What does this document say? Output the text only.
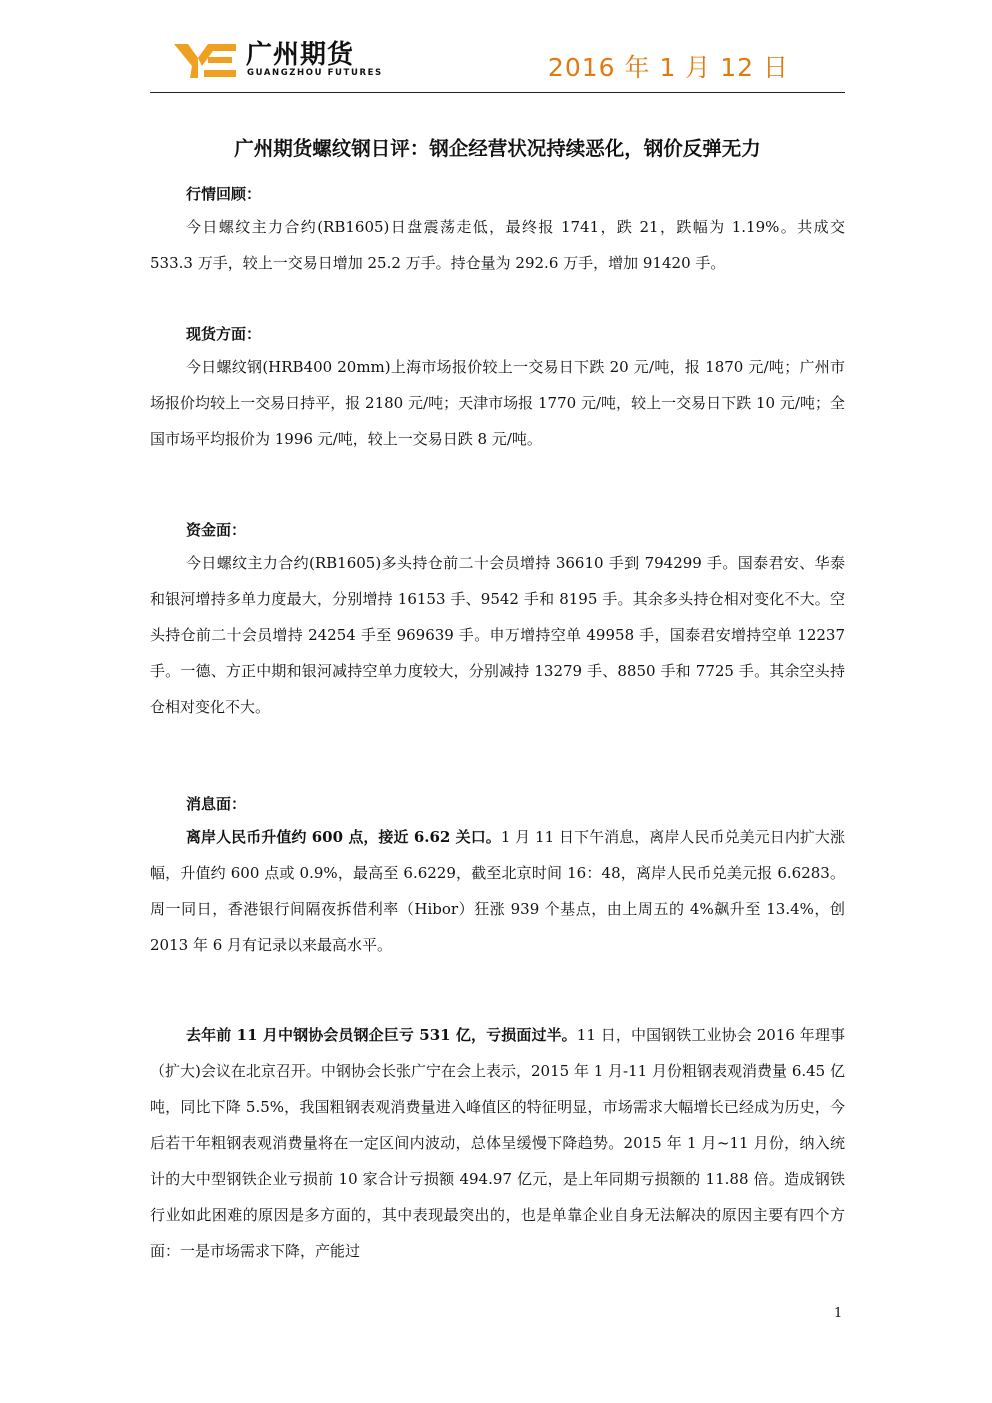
广州期货
GUANGZHOU FUTURES	2016 年 1 月 12 日
广州期货螺纹钢日评：钢企经营状况持续恶化，钢价反弹无力
行情回顾：

今日螺纹主力合约(RB1605)日盘震荡走低，最终报 1741，跌 21，跌幅为 1.19%。共成交 533.3 万手，较上一交易日增加 25.2 万手。持仓量为 292.6 万手，增加 91420 手。

现货方面：

今日螺纹钢(HRB400 20mm)上海市场报价较上一交易日下跌 20 元/吨，报 1870 元/吨；广州市场报价均较上一交易日持平，报 2180 元/吨；天津市场报 1770 元/吨，较上一交易日下跌 10 元/吨；全国市场平均报价为 1996 元/吨，较上一交易日跌 8 元/吨。

资金面：

今日螺纹主力合约(RB1605)多头持仓前二十会员增持 36610 手到 794299 手。国泰君安、华泰和银河增持多单力度最大，分别增持 16153 手、9542 手和 8195 手。其余多头持仓相对变化不大。空头持仓前二十会员增持 24254 手至 969639 手。申万增持空单 49958 手，国泰君安增持空单 12237 手。一德、方正中期和银河减持空单力度较大，分别减持 13279 手、8850 手和 7725 手。其余空头持仓相对变化不大。

消息面：

离岸人民币升值约 600 点，接近 6.62 关口。1 月 11 日下午消息，离岸人民币兑美元日内扩大涨幅，升值约 600 点或 0.9%，最高至 6.6229，截至北京时间 16：48，离岸人民币兑美元报 6.6283。周一同日，香港银行间隔夜拆借利率（Hibor）狂涨 939 个基点，由上周五的 4%飙升至 13.4%，创 2013 年 6 月有记录以来最高水平。

去年前 11 月中钢协会员钢企巨亏 531 亿，亏损面过半。11 日，中国钢铁工业协会 2016 年理事（扩大)会议在北京召开。中钢协会长张广宁在会上表示，2015 年 1 月-11 月份粗钢表观消费量 6.45 亿吨，同比下降 5.5%，我国粗钢表观消费量进入峰值区的特征明显，市场需求大幅增长已经成为历史，今后若干年粗钢表观消费量将在一定区间内波动，总体呈缓慢下降趋势。2015 年 1 月~11 月份，纳入统计的大中型钢铁企业亏损前 10 家合计亏损额 494.97 亿元，是上年同期亏损额的 11.88 倍。造成钢铁行业如此困难的原因是多方面的，其中表现最突出的，也是单靠企业自身无法解决的原因主要有四个方面：一是市场需求下降，产能过

1
